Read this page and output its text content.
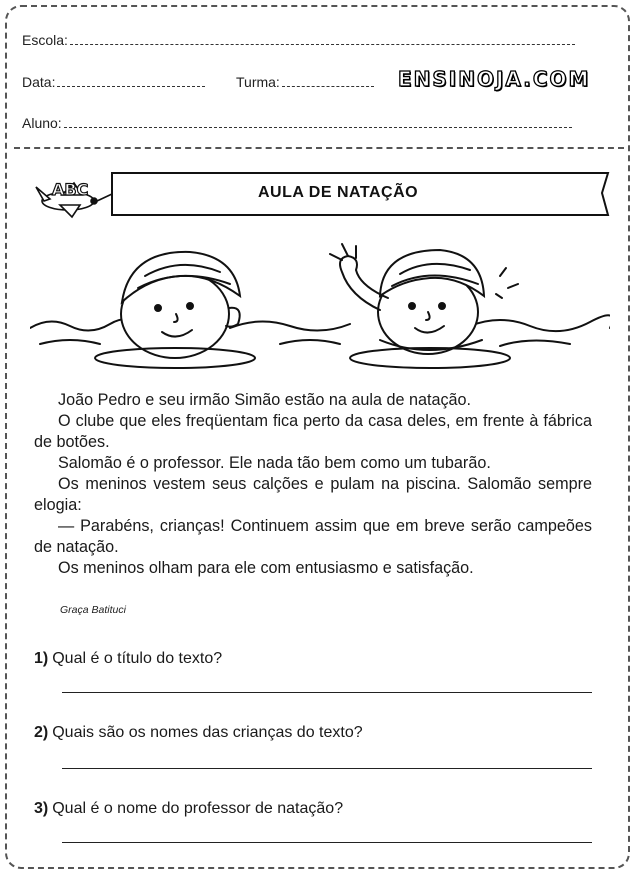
Escola:
Data:	Turma:	ENSINOJA.COM
Aluno:
ABC	AULA DE NATAÇÃO

João Pedro e seu irmão Simão estão na aula de natação.

O clube que eles freqüentam fica perto da casa deles, em frente à fábrica de botões.

Salomão é o professor. Ele nada tão bem como um tubarão.

Os meninos vestem seus calções e pulam na piscina. Salomão sempre elogia:

— Parabéns, crianças! Continuem assim que em breve serão campeões de natação.

Os meninos olham para ele com entusiasmo e satisfação.

Graça Batituci
1) Qual é o título do texto?
2) Quais são os nomes das crianças do texto?
3) Qual é o nome do professor de natação?
